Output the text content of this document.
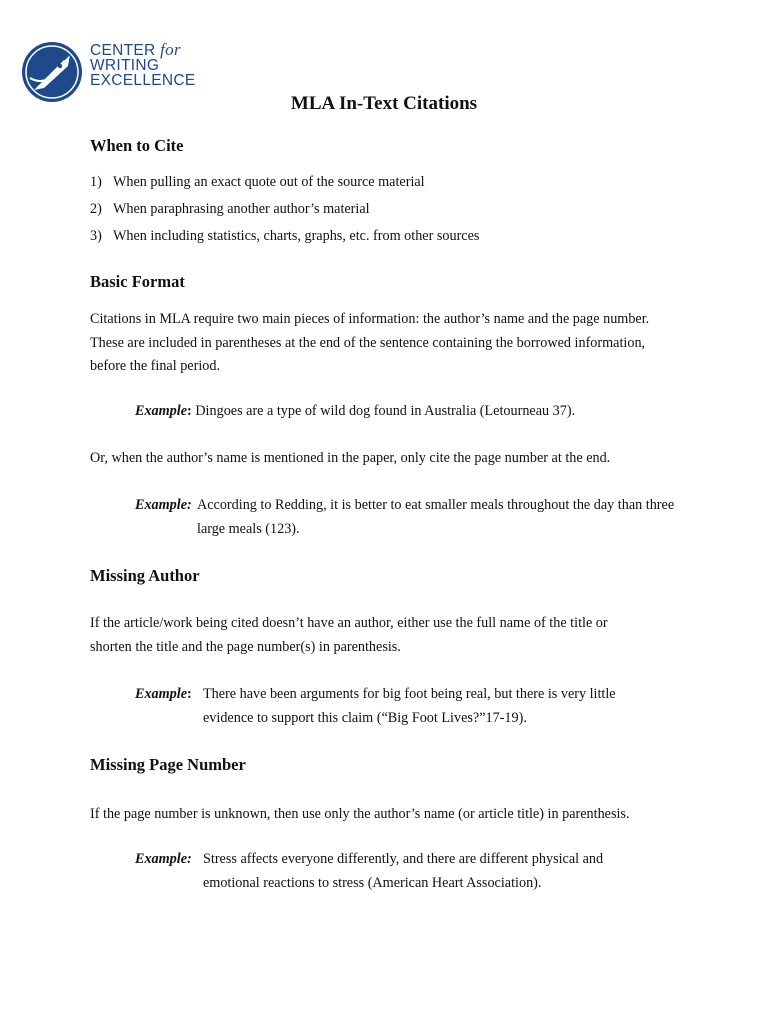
CENTER for
WRITING
EXCELLENCE
MLA In-Text Citations
When to Cite
1) When pulling an exact quote out of the source material
2) When paraphrasing another author’s material
3) When including statistics, charts, graphs, etc. from other sources
Basic Format

Citations in MLA require two main pieces of information: the author’s name and the page number. These are included in parentheses at the end of the sentence containing the borrowed information, before the final period.

Example: Dingoes are a type of wild dog found in Australia (Letourneau 37).

Or, when the author’s name is mentioned in the paper, only cite the page number at the end.

Example: According to Redding, it is better to eat smaller meals throughout the day than three large meals (123).
Missing Author

If the article/work being cited doesn’t have an author, either use the full name of the title or shorten the title and the page number(s) in parenthesis.

Example: There have been arguments for big foot being real, but there is very little evidence to support this claim (“Big Foot Lives?”17-19).
Missing Page Number

If the page number is unknown, then use only the author’s name (or article title) in parenthesis.

Example: Stress affects everyone differently, and there are different physical and emotional reactions to stress (American Heart Association).
